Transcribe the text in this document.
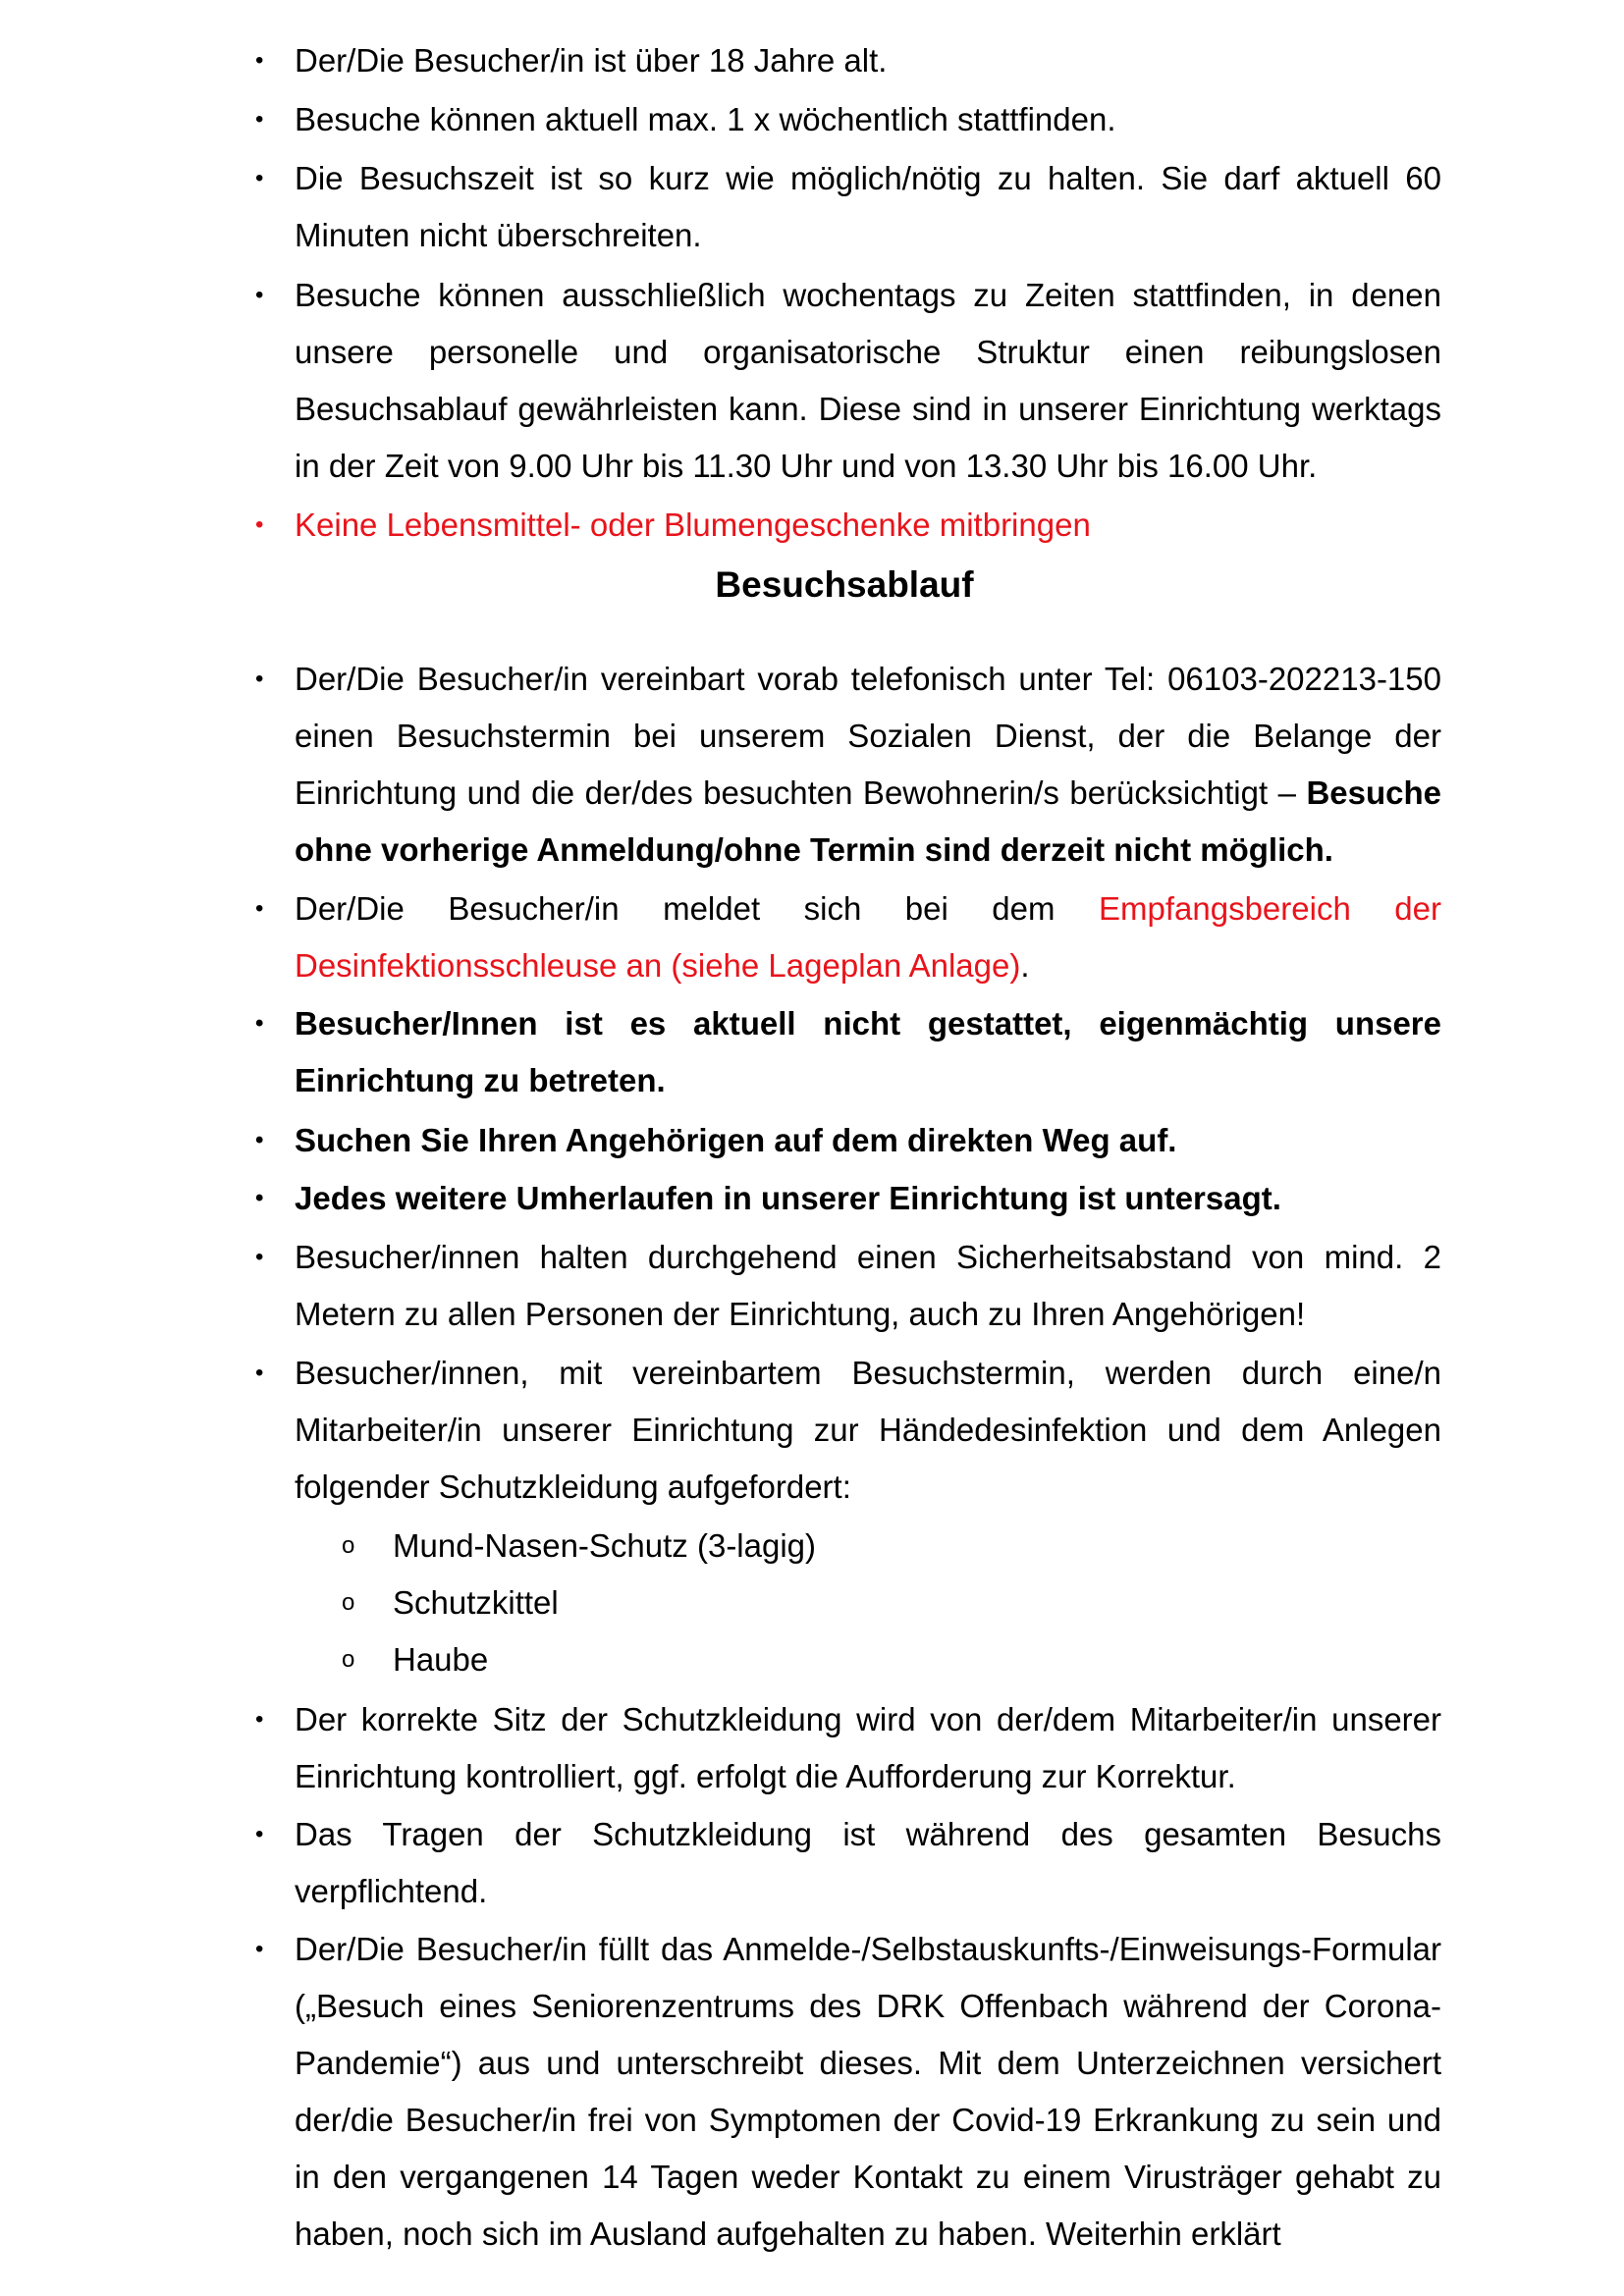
• Der/Die Besucher/in ist über 18 Jahre alt.
• Besuche können aktuell max. 1 x wöchentlich stattfinden.
• Die Besuchszeit ist so kurz wie möglich/nötig zu halten. Sie darf aktuell 60 Minuten nicht überschreiten.
• Besuche können ausschließlich wochentags zu Zeiten stattfinden, in denen unsere personelle und organisatorische Struktur einen reibungslosen Besuchsablauf gewährleisten kann. Diese sind in unserer Einrichtung werktags in der Zeit von 9.00 Uhr bis 11.30 Uhr und von 13.30 Uhr bis 16.00 Uhr.
• Keine Lebensmittel- oder Blumengeschenke mitbringen
Besuchsablauf
• Der/Die Besucher/in vereinbart vorab telefonisch unter Tel: 06103-202213-150 einen Besuchstermin bei unserem Sozialen Dienst, der die Belange der Einrichtung und die der/des besuchten Bewohnerin/s berücksichtigt – Besuche ohne vorherige Anmeldung/ohne Termin sind derzeit nicht möglich.
• Der/Die Besucher/in meldet sich bei dem Empfangsbereich der Desinfektionsschleuse an (siehe Lageplan Anlage).
• Besucher/Innen ist es aktuell nicht gestattet, eigenmächtig unsere Einrichtung zu betreten.
• Suchen Sie Ihren Angehörigen auf dem direkten Weg auf.
• Jedes weitere Umherlaufen in unserer Einrichtung ist untersagt.
• Besucher/innen halten durchgehend einen Sicherheitsabstand von mind. 2 Metern zu allen Personen der Einrichtung, auch zu Ihren Angehörigen!
• Besucher/innen, mit vereinbartem Besuchstermin, werden durch eine/n Mitarbeiter/in unserer Einrichtung zur Händedesinfektion und dem Anlegen folgender Schutzkleidung aufgefordert:
o Mund-Nasen-Schutz (3-lagig)
o Schutzkittel
o Haube
• Der korrekte Sitz der Schutzkleidung wird von der/dem Mitarbeiter/in unserer Einrichtung kontrolliert, ggf. erfolgt die Aufforderung zur Korrektur.
• Das Tragen der Schutzkleidung ist während des gesamten Besuchs verpflichtend.
• Der/Die Besucher/in füllt das Anmelde-/Selbstauskunfts-/Einweisungs-Formular („Besuch eines Seniorenzentrums des DRK Offenbach während der Corona-Pandemie“) aus und unterschreibt dieses. Mit dem Unterzeichnen versichert der/die Besucher/in frei von Symptomen der Covid-19 Erkrankung zu sein und in den vergangenen 14 Tagen weder Kontakt zu einem Virusträger gehabt zu haben, noch sich im Ausland aufgehalten zu haben. Weiterhin erklärt
